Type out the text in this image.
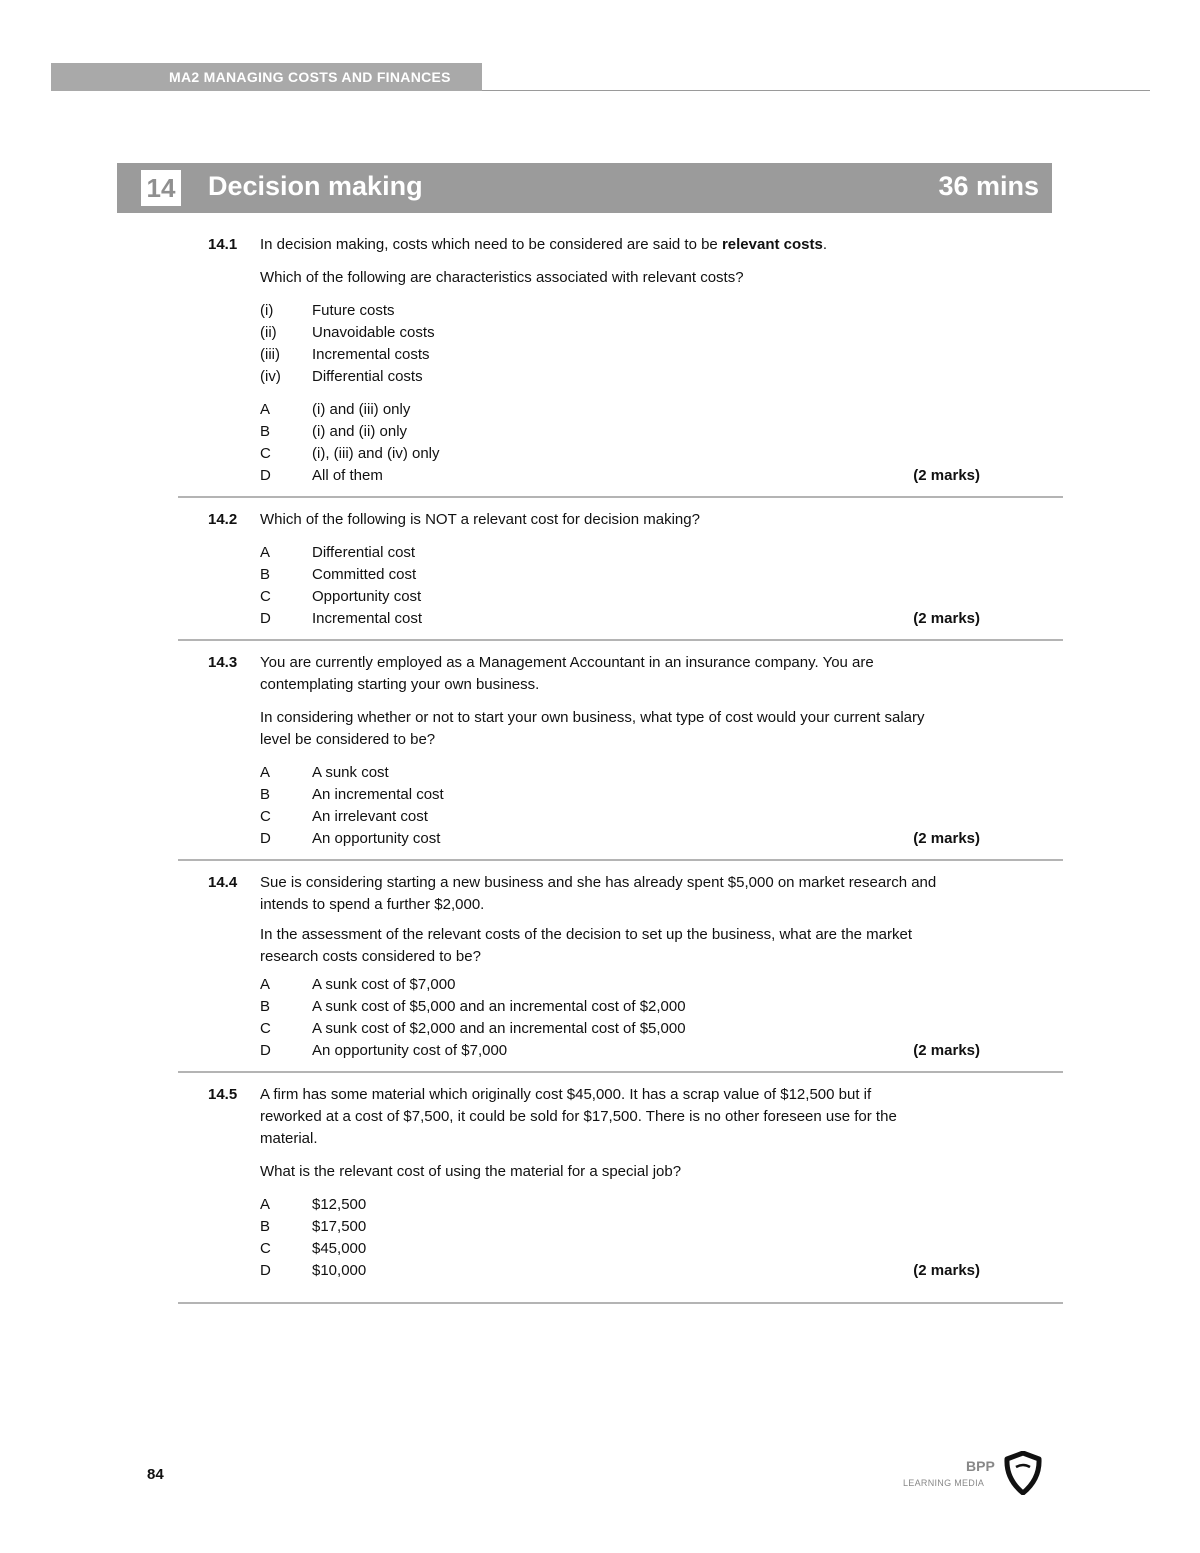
MA2 MANAGING COSTS AND FINANCES
14 Decision making	36 mins
14.1 In decision making, costs which need to be considered are said to be relevant costs.
Which of the following are characteristics associated with relevant costs?
(i)	Future costs
(ii) Unavoidable costs
(iii) Incremental costs
(iv) Differential costs
A	(i) and (iii) only
B	(i) and (ii) only
C	(i), (iii) and (iv) only
D	All of them	(2 marks)
14.2 Which of the following is NOT a relevant cost for decision making?
A	Differential cost
B	Committed cost
C	Opportunity cost
D	Incremental cost	(2 marks)
14.3 You are currently employed as a Management Accountant in an insurance company. You are
contemplating starting your own business.
In considering whether or not to start your own business, what type of cost would your current salary
level be considered to be?
A	A sunk cost
B	An incremental cost
C	An irrelevant cost
D	An opportunity cost	(2 marks)
14.4 Sue is considering starting a new business and she has already spent $5,000 on market research and
intends to spend a further $2,000.
In the assessment of the relevant costs of the decision to set up the business, what are the market
research costs considered to be?
A	A sunk cost of $7,000
B	A sunk cost of $5,000 and an incremental cost of $2,000
C	A sunk cost of $2,000 and an incremental cost of $5,000
D	An opportunity cost of $7,000	(2 marks)
14.5 A firm has some material which originally cost $45,000. It has a scrap value of $12,500 but if
reworked at a cost of $7,500, it could be sold for $17,500. There is no other foreseen use for the
material.
What is the relevant cost of using the material for a special job?
A	$12,500
B	$17,500
C	$45,000
D	$10,000	(2 marks)
84	BPP
LEARNING MEDIA
